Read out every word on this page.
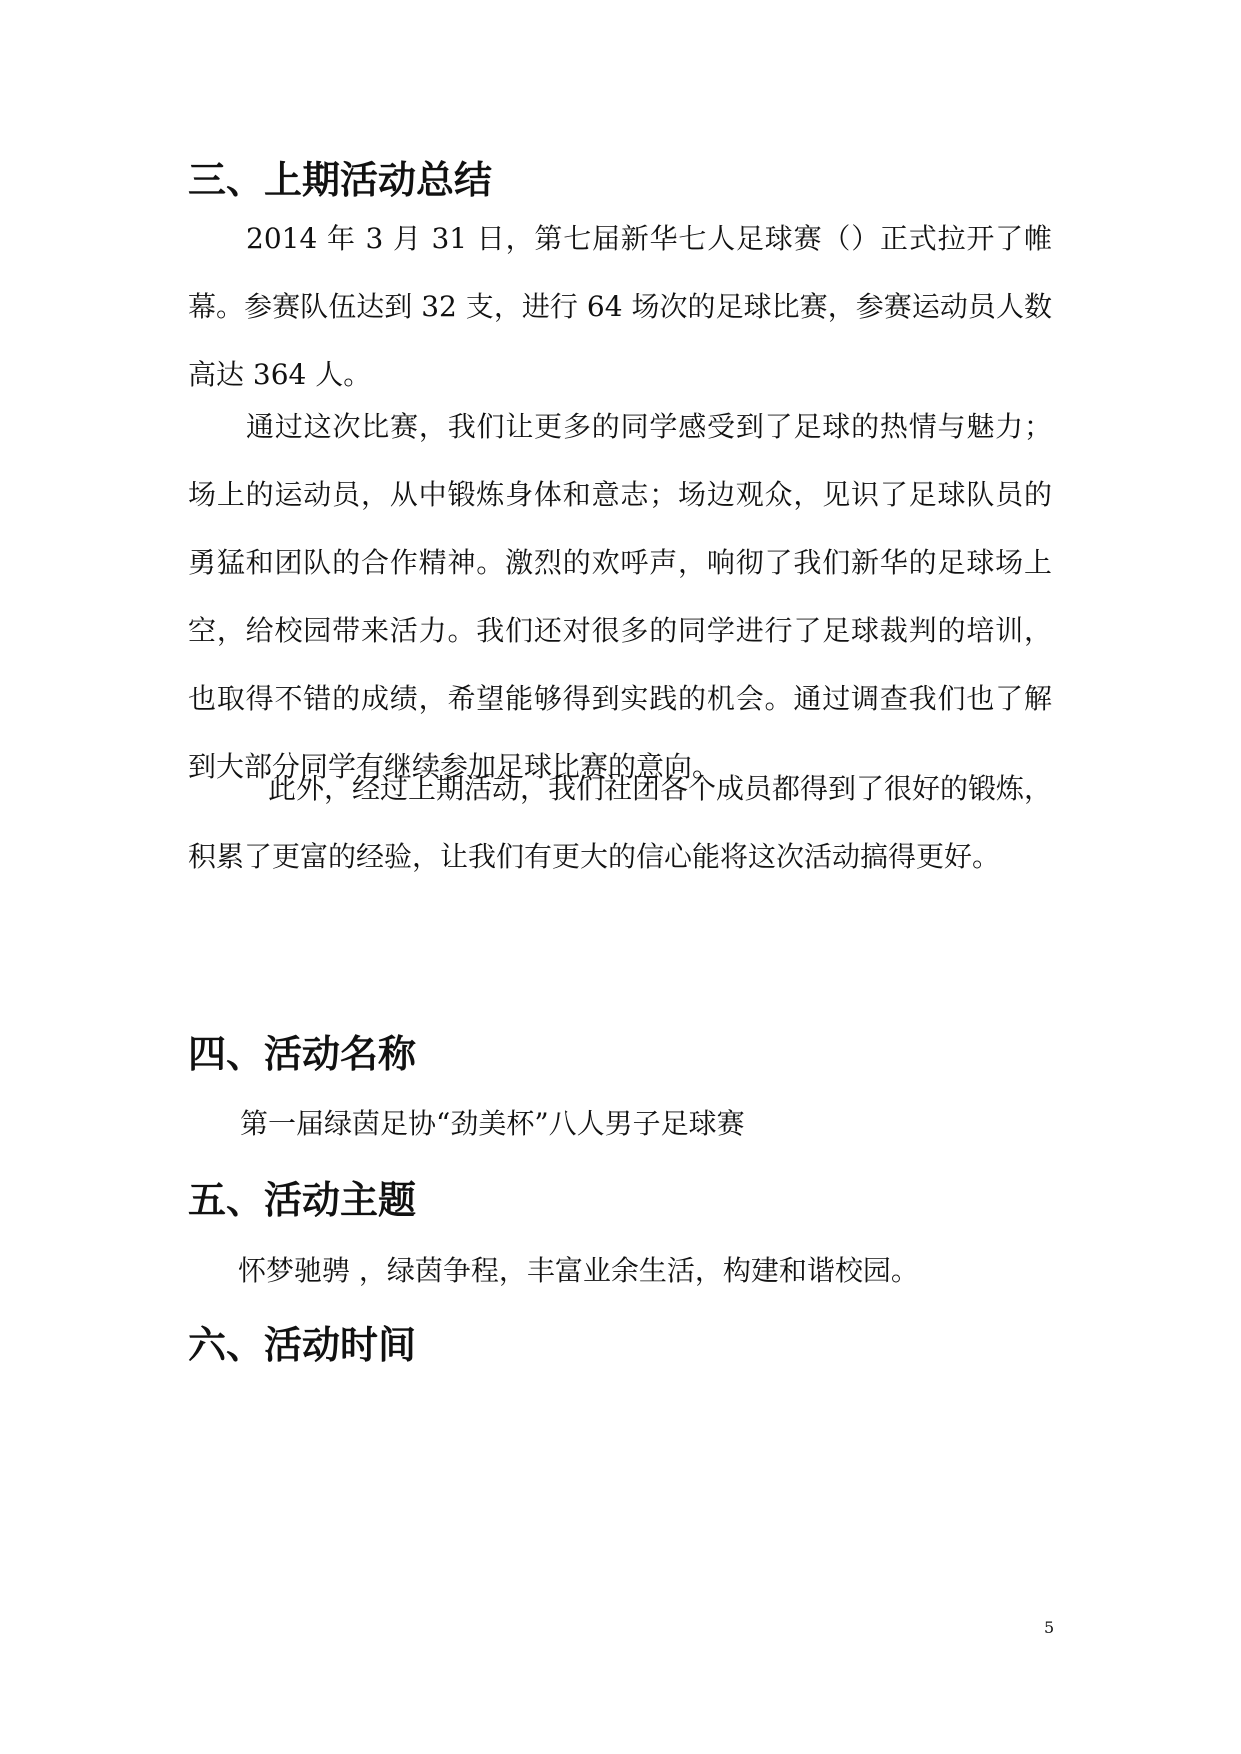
三、上期活动总结

2014 年 3 月 31 日，第七届新华七人足球赛（）正式拉开了帷幕。参赛队伍达到 32 支，进行 64 场次的足球比赛，参赛运动员人数高达 364 人。

通过这次比赛，我们让更多的同学感受到了足球的热情与魅力；场上的运动员，从中锻炼身体和意志；场边观众，见识了足球队员的勇猛和团队的合作精神。激烈的欢呼声，响彻了我们新华的足球场上空，给校园带来活力。我们还对很多的同学进行了足球裁判的培训，也取得不错的成绩，希望能够得到实践的机会。通过调查我们也了解到大部分同学有继续参加足球比赛的意向。

此外，经过上期活动，我们社团各个成员都得到了很好的锻炼，积累了更富的经验，让我们有更大的信心能将这次活动搞得更好。

四、活动名称

第一届绿茵足协“劲美杯”八人男子足球赛

五、活动主题

怀梦驰骋 ，绿茵争程，丰富业余生活，构建和谐校园。

六、活动时间
5
